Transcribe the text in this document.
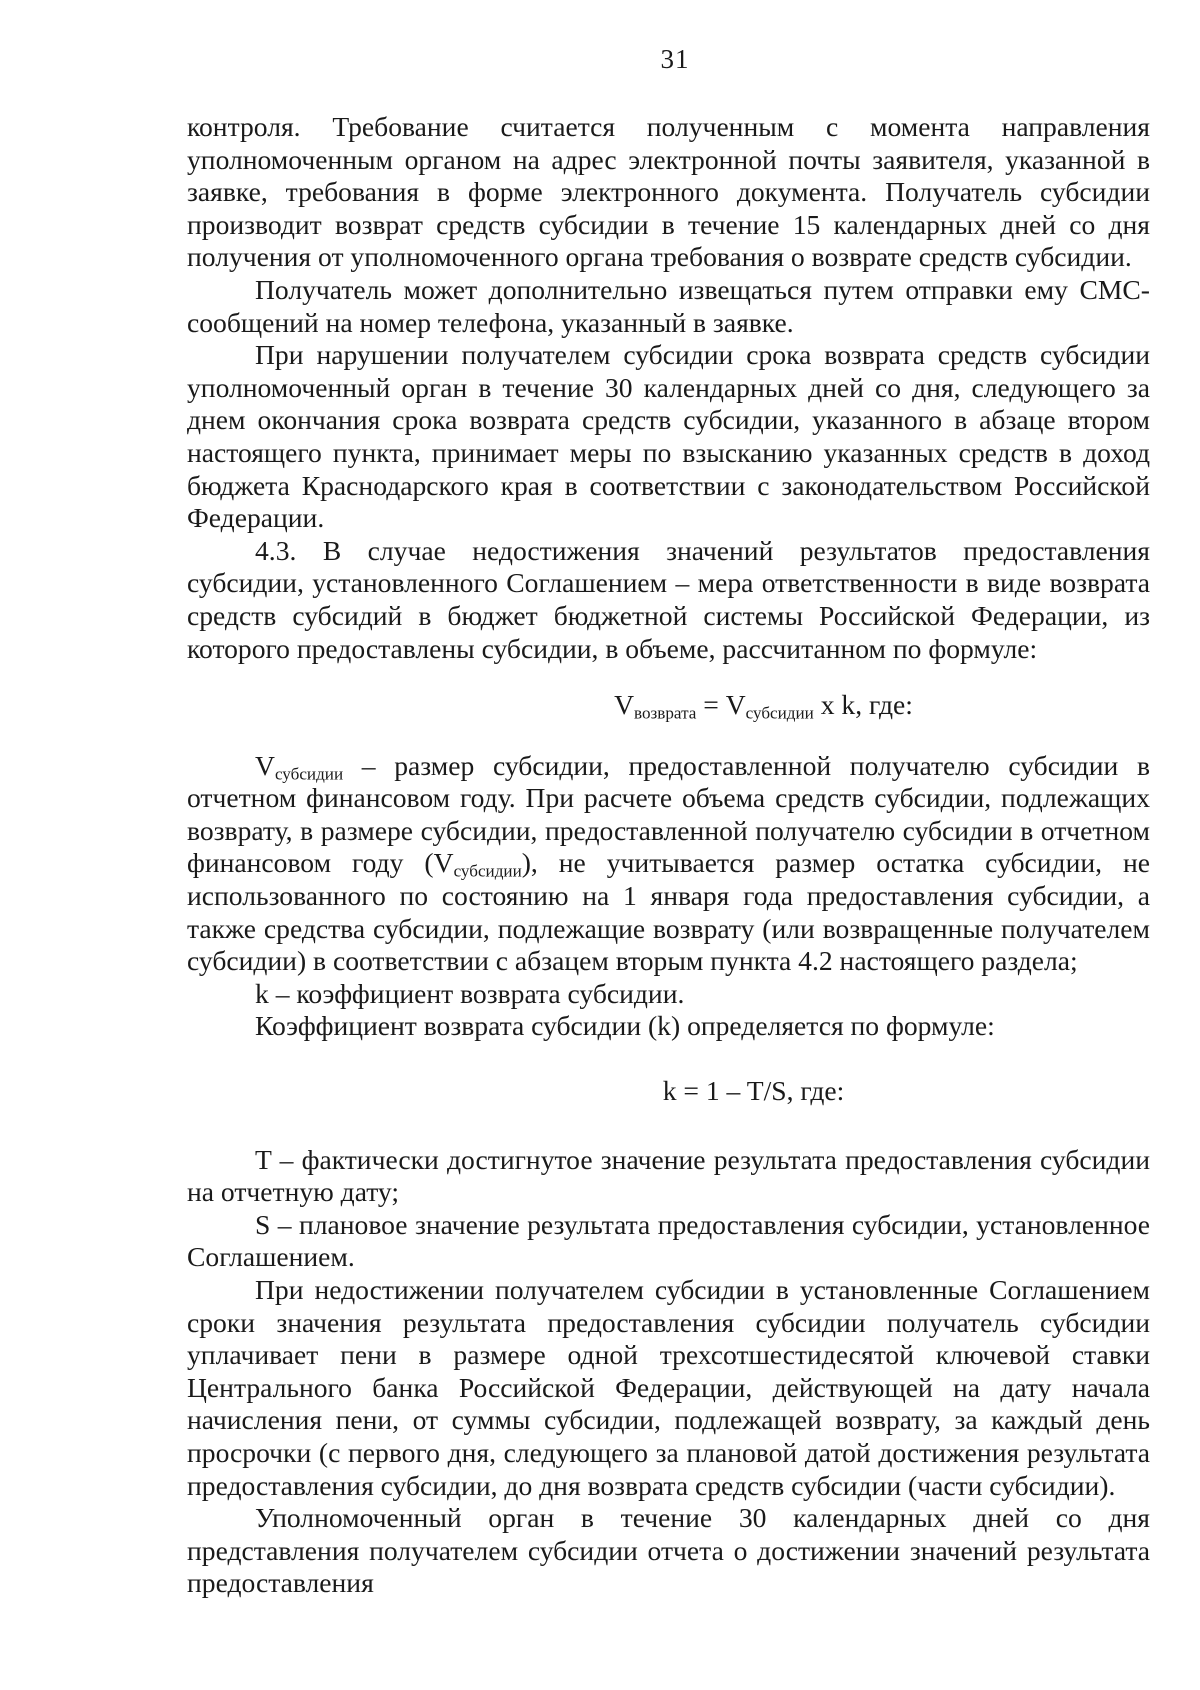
31

контроля. Требование считается полученным с момента направления уполномоченным органом на адрес электронной почты заявителя, указанной в заявке, требования в форме электронного документа. Получатель субсидии производит возврат средств субсидии в течение 15 календарных дней со дня получения от уполномоченного органа требования о возврате средств субсидии.

Получатель может дополнительно извещаться путем отправки ему СМС-сообщений на номер телефона, указанный в заявке.

При нарушении получателем субсидии срока возврата средств субсидии уполномоченный орган в течение 30 календарных дней со дня, следующего за днем окончания срока возврата средств субсидии, указанного в абзаце втором настоящего пункта, принимает меры по взысканию указанных средств в доход бюджета Краснодарского края в соответствии с законодательством Российской Федерации.

4.3. В случае недостижения значений результатов предоставления субсидии, установленного Соглашением – мера ответственности в виде возврата средств субсидий в бюджет бюджетной системы Российской Федерации, из которого предоставлены субсидии, в объеме, рассчитанном по формуле:

$V_{возврата} = V_{субсидии}$ x k, где:

$V_{субсидии}$ – размер субсидии, предоставленной получателю субсидии в отчетном финансовом году. При расчете объема средств субсидии, подлежащих возврату, в размере субсидии, предоставленной получателю субсидии в отчетном финансовом году $(V_{субсидии})$, не учитывается размер остатка субсидии, не использованного по состоянию на 1 января года предоставления субсидии, а также средства субсидии, подлежащие возврату (или возвращенные получателем субсидии) в соответствии с абзацем вторым пункта 4.2 настоящего раздела;

k – коэффициент возврата субсидии.

Коэффициент возврата субсидии (k) определяется по формуле:

k = 1 – T/S, где:

T – фактически достигнутое значение результата предоставления субсидии на отчетную дату;

S – плановое значение результата предоставления субсидии, установленное Соглашением.

При недостижении получателем субсидии в установленные Соглашением сроки значения результата предоставления субсидии получатель субсидии уплачивает пени в размере одной трехсотшестидесятой ключевой ставки Центрального банка Российской Федерации, действующей на дату начала начисления пени, от суммы субсидии, подлежащей возврату, за каждый день просрочки (с первого дня, следующего за плановой датой достижения результата предоставления субсидии, до дня возврата средств субсидии (части субсидии).

Уполномоченный орган в течение 30 календарных дней со дня представления получателем субсидии отчета о достижении значений результата предоставления
